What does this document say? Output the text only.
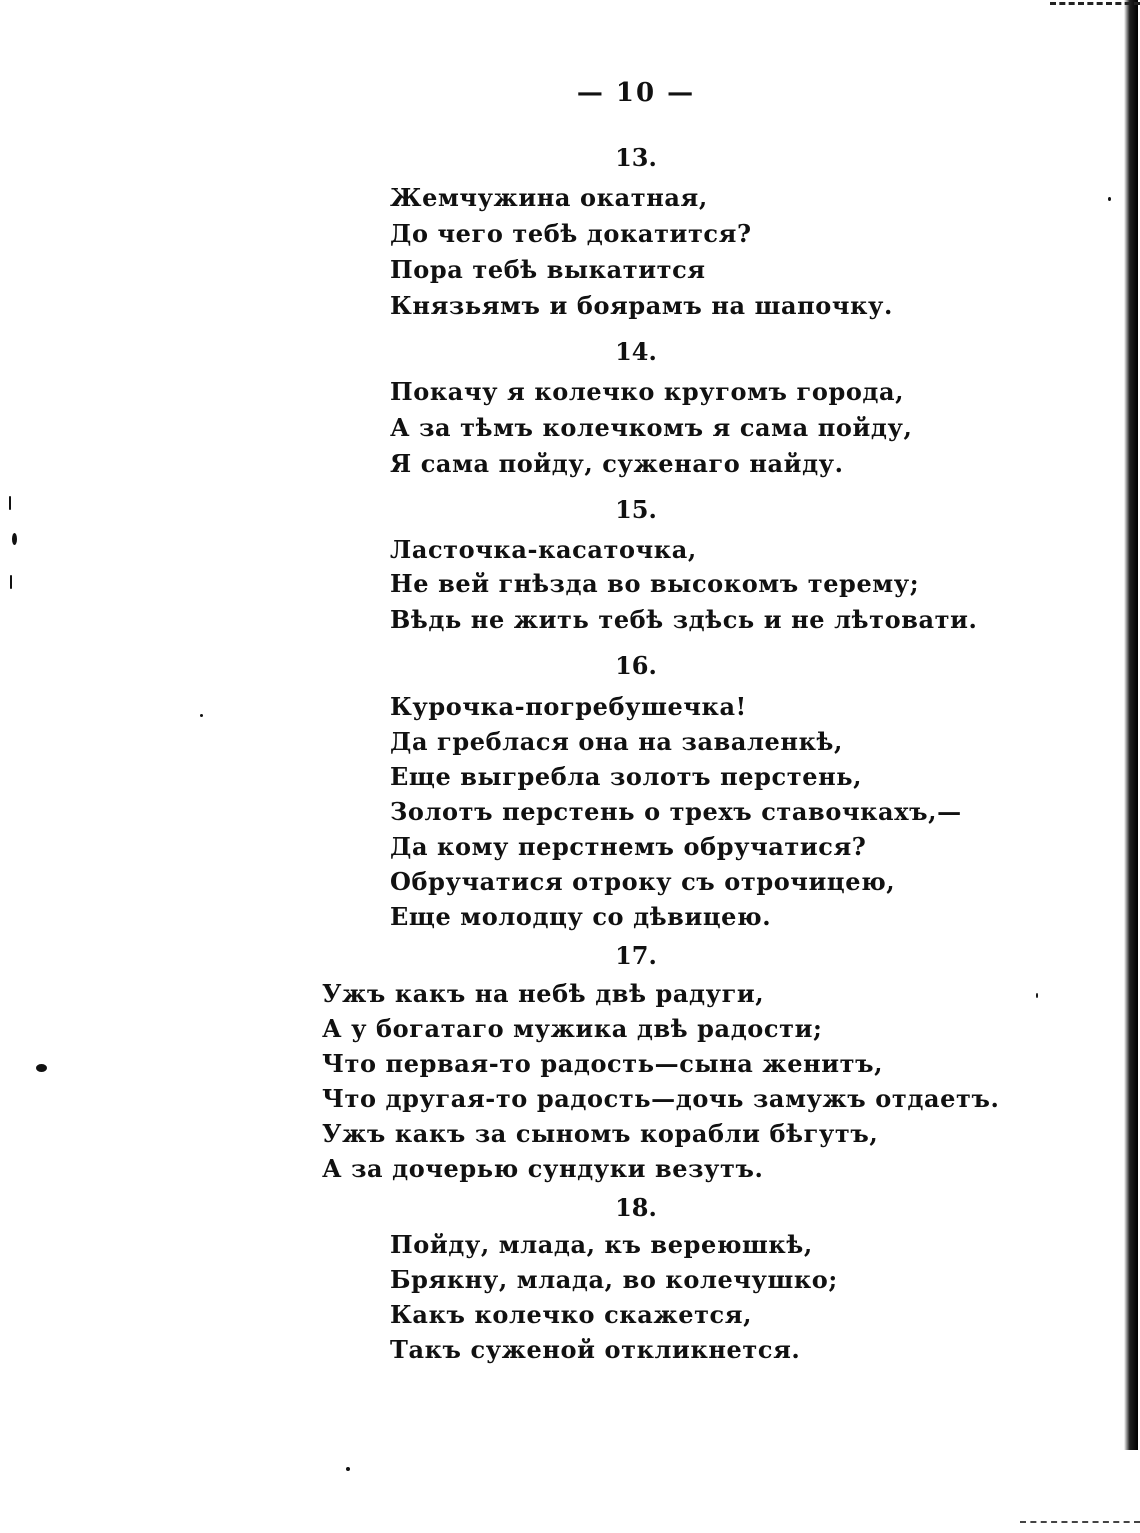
— 10 —
13.
Жемчужина окатная,
До чего тебѣ докатится?
Пора тебѣ выкатится
Князьямъ и боярамъ на шапочку.
14.
Покачу я колечко кругомъ города,
А за тѣмъ колечкомъ я сама пойду,
Я сама пойду, суженаго найду.
15.
Ласточка-касаточка,
Не вей гнѣзда во высокомъ терему;
Вѣдь не жить тебѣ здѣсь и не лѣтовати.
16.
Курочка-погребушечка!
Да греблася она на заваленкѣ,
Еще выгребла золотъ перстень,
Золотъ перстень о трехъ ставочкахъ,—
Да кому перстнемъ обручатися?
Обручатися отроку съ отрочицею,
Еще молодцу со дѣвицею.
17.
Ужъ какъ на небѣ двѣ радуги,
А у богатаго мужика двѣ радости;
Что первая-то радость—сына женитъ,
Что другая-то радость—дочь замужъ отдаетъ.
Ужъ какъ за сыномъ корабли бѣгутъ,
А за дочерью сундуки везутъ.
18.
Пойду, млада, къ верeюшкѣ,
Брякну, млада, во колечушко;
Какъ колечко скажется,
Такъ суженой откликнется.
